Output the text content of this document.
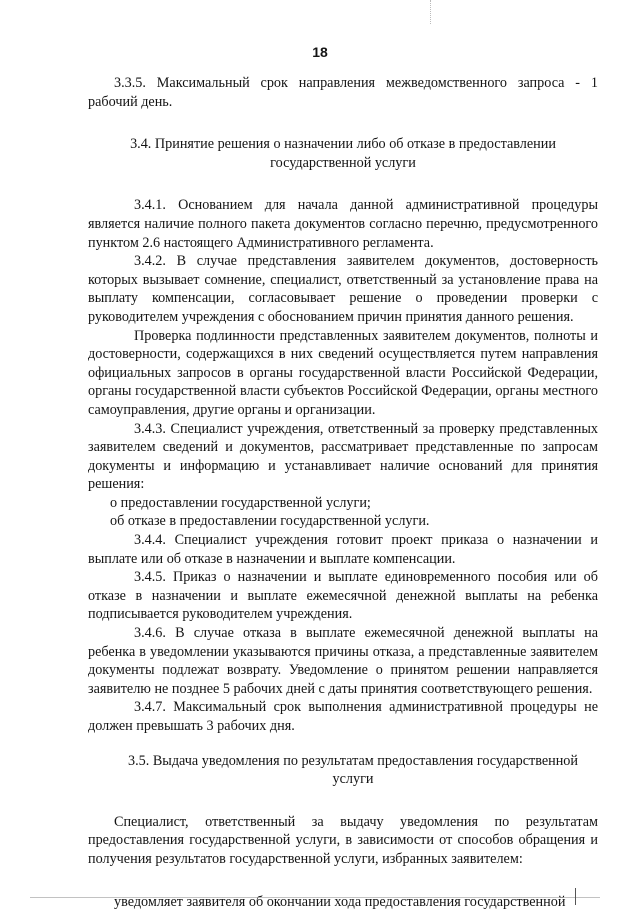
18

3.3.5. Максимальный срок направления межведомственного запроса - 1 рабочий день.

3.4. Принятие решения о назначении либо об отказе в предоставлении государственной услуги

3.4.1. Основанием для начала данной административной процедуры является наличие полного пакета документов согласно перечню, предусмотренного пунктом 2.6 настоящего Административного регламента.

3.4.2. В случае представления заявителем документов, достоверность которых вызывает сомнение, специалист, ответственный за установление права на выплату компенсации, согласовывает решение о проведении проверки с руководителем учреждения с обоснованием причин принятия данного решения.

Проверка подлинности представленных заявителем документов, полноты и достоверности, содержащихся в них сведений осуществляется путем направления официальных запросов в органы государственной власти Российской Федерации, органы государственной власти субъектов Российской Федерации, органы местного самоуправления, другие органы и организации.

3.4.3. Специалист учреждения, ответственный за проверку представленных заявителем сведений и документов, рассматривает представленные по запросам документы и информацию и устанавливает наличие оснований для принятия решения:

о предоставлении государственной услуги;

об отказе в предоставлении государственной услуги.

3.4.4. Специалист учреждения готовит проект приказа о назначении и выплате или об отказе в назначении и выплате компенсации.

3.4.5. Приказ о назначении и выплате единовременного пособия или об отказе в назначении и выплате ежемесячной денежной выплаты на ребенка подписывается руководителем учреждения.

3.4.6. В случае отказа в выплате ежемесячной денежной выплаты на ребенка в уведомлении указываются причины отказа, а представленные заявителем документы подлежат возврату. Уведомление о принятом решении направляется заявителю не позднее 5 рабочих дней с даты принятия соответствующего решения.

3.4.7. Максимальный срок выполнения административной процедуры не должен превышать 3 рабочих дня.

3.5. Выдача уведомления по результатам предоставления государственной услуги

Специалист, ответственный за выдачу уведомления по результатам предоставления государственной услуги, в зависимости от способов обращения и получения результатов государственной услуги, избранных заявителем:

уведомляет заявителя об окончании хода предоставления государственной
